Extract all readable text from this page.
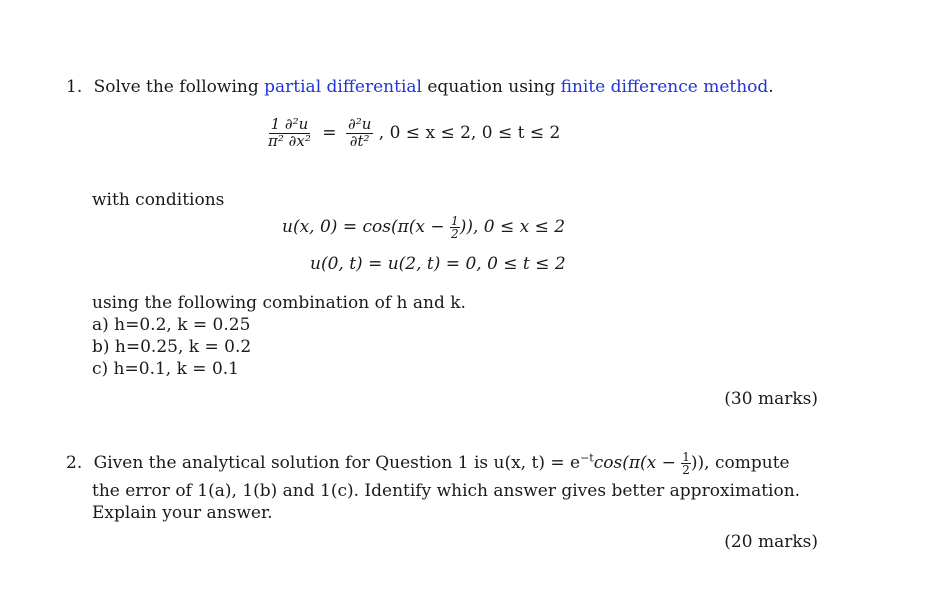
1. Solve the following partial differential equation using finite difference method.
$\frac{\text{1 ∂²u}}{\text{π² ∂x²}} = \frac{\text{∂²u}}{\text{∂t²}}$ , 0 ≤ x ≤ 2, 0 ≤ t ≤ 2
with conditions
u(x, $0) = \cos(\pi(x - \frac{1}{2}$ )), 0 ≤ x ≤ 2
u(0, t) = u(2, t) = 0, 0 ≤ t ≤ 2
using the following combination of h and k.
a) h=0.2, k = 0.25
b) h=0.25, k = 0.2
c) h=0.1, k = 0.1
(30 marks)
2. Given the analytical solution for Question 1 is u(x, $t) = e^{-t}\cos(\pi(x - \frac{1}{2}$ )), compute
the error of 1(a), 1(b) and 1(c). Identify which answer gives better approximation.
Explain your answer.
(20 marks)
